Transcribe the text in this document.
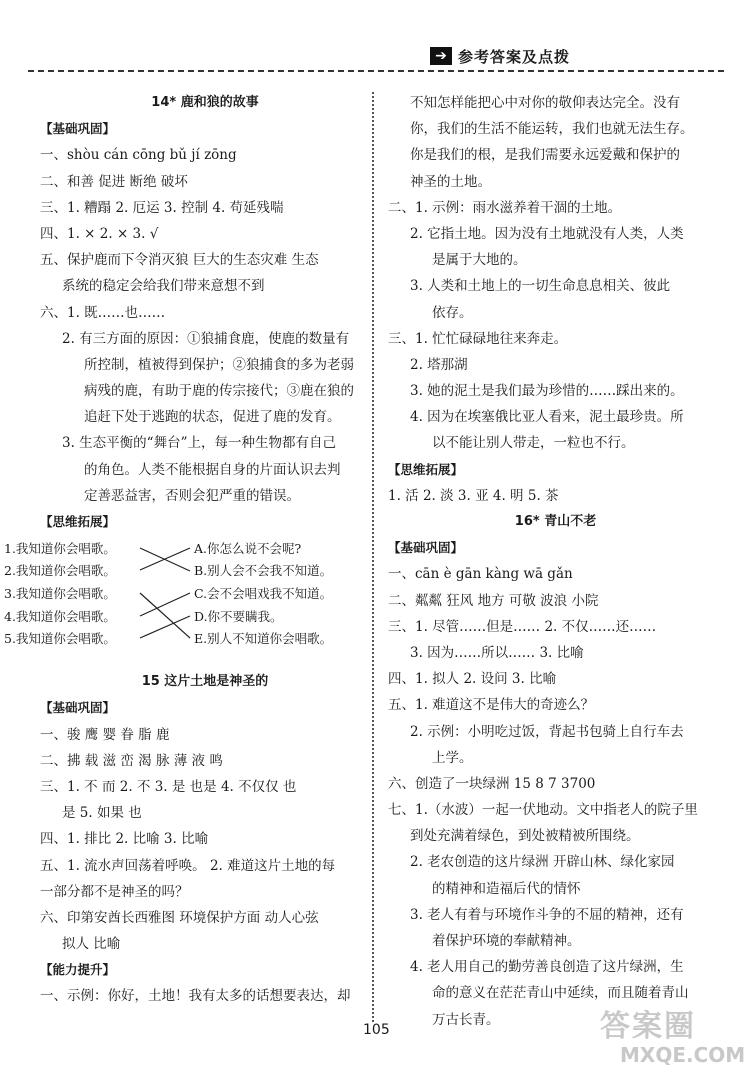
➔ 参考答案及点拨
14* 鹿和狼的故事
【基础巩固】
一、shòu cán cōng bǔ jí zōng
二、和善 促进 断绝 破坏
三、1. 糟蹋 2. 厄运 3. 控制 4. 苟延残喘
四、1. × 2. × 3. √
五、保护鹿而下令消灭狼 巨大的生态灾难 生态
系统的稳定会给我们带来意想不到
六、1. 既……也……
2. 有三方面的原因：①狼捕食鹿，使鹿的数量有
所控制，植被得到保护；②狼捕食的多为老弱
病残的鹿，有助于鹿的传宗接代；③鹿在狼的
追赶下处于逃跑的状态，促进了鹿的发育。
3. 生态平衡的“舞台”上，每一种生物都有自己
的角色。人类不能根据自身的片面认识去判
定善恶益害，否则会犯严重的错误。
【思维拓展】
1.我知道你会唱歌。
2.我知道你会唱歌。
3.我知道你会唱歌。
4.我知道你会唱歌。
5.我知道你会唱歌。
A.你怎么说不会呢?
B.别人会不会我不知道。
C.会不会唱戏我不知道。
D.你不要瞒我。
E.别人不知道你会唱歌。
15 这片土地是神圣的
【基础巩固】
一、骏 鹰 婴 眷 脂 鹿
二、拂 载 滋 峦 渴 脉 薄 液 鸣
三、1. 不 而 2. 不 3. 是 也是 4. 不仅仅 也
是 5. 如果 也
四、1. 排比 2. 比喻 3. 比喻
五、1. 流水声回荡着呼唤。 2. 难道这片土地的每
一部分都不是神圣的吗？
六、印第安酋长西雅图 环境保护方面 动人心弦
拟人 比喻
【能力提升】
一、示例：你好，土地！我有太多的话想要表达，却
不知怎样能把心中对你的敬仰表达完全。没有
你，我们的生活不能运转，我们也就无法生存。
你是我们的根，是我们需要永远爱戴和保护的
神圣的土地。
二、1. 示例：雨水滋养着干涸的土地。
2. 它指土地。因为没有土地就没有人类，人类
是属于大地的。
3. 人类和土地上的一切生命息息相关、彼此
依存。
三、1. 忙忙碌碌地往来奔走。
2. 塔那湖
3. 她的泥土是我们最为珍惜的……踩出来的。
4. 因为在埃塞俄比亚人看来，泥土最珍贵。所
以不能让别人带走，一粒也不行。
【思维拓展】
1. 活 2. 淡 3. 亚 4. 明 5. 茶
16* 青山不老
【基础巩固】
一、cān è gān kàng wā gǎn
二、粼粼 狂风 地方 可敬 波浪 小院
三、1. 尽管……但是…… 2. 不仅……还……
3. 因为……所以…… 3. 比喻
四、1. 拟人 2. 设问 3. 比喻
五、1. 难道这不是伟大的奇迹么？
2. 示例：小明吃过饭，背起书包骑上自行车去
上学。
六、创造了一块绿洲 15 8 7 3700
七、1.（水波）一起一伏地动。文中指老人的院子里
到处充满着绿色，到处被精被所围绕。
2. 老农创造的这片绿洲 开辟山林、绿化家园
的精神和造福后代的情怀
3. 老人有着与环境作斗争的不屈的精神，还有
着保护环境的奉献精神。
4. 老人用自己的勤劳善良创造了这片绿洲，生
命的意义在茫茫青山中延续，而且随着青山
万古长青。
105	答案圈
MXQE.COM
